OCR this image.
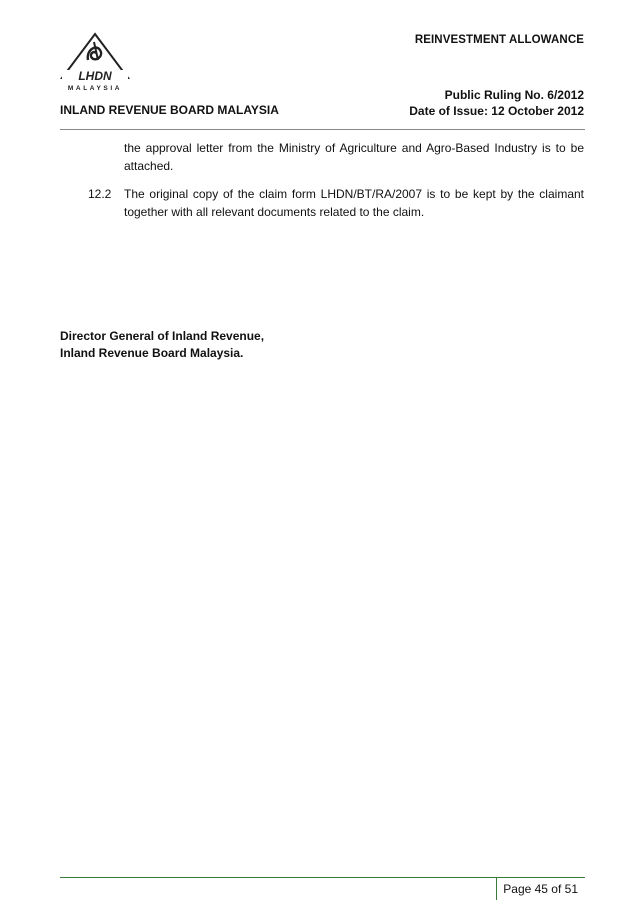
LHDN
MALAYSIA
REINVESTMENT ALLOWANCE
INLAND REVENUE BOARD MALAYSIA
Public Ruling No. 6/2012
Date of Issue: 12 October 2012
the approval letter from the Ministry of Agriculture and Agro-Based Industry is to be attached.
12.2 The original copy of the claim form LHDN/BT/RA/2007 is to be kept by the claimant together with all relevant documents related to the claim.
Director General of Inland Revenue,
Inland Revenue Board Malaysia.
Page 45 of 51
